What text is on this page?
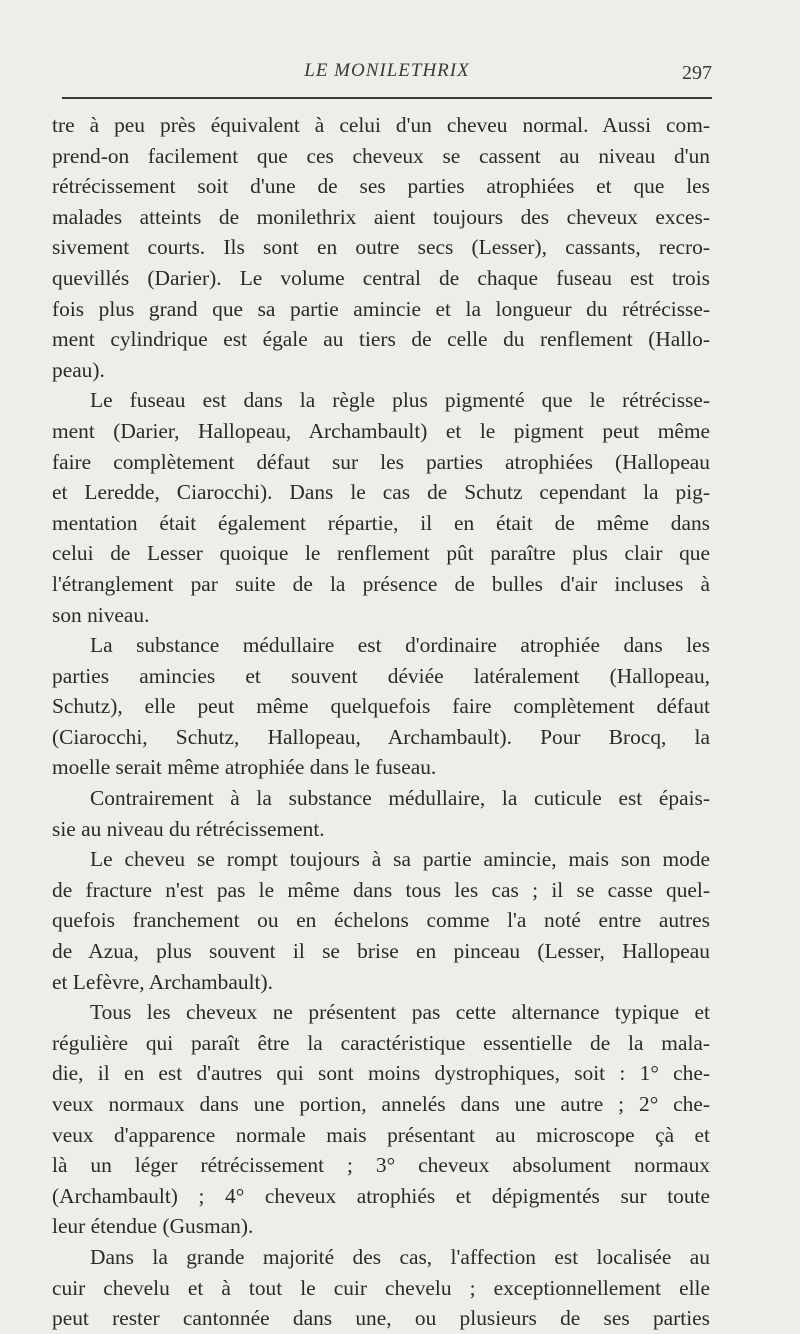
LE MONILETHRIX	297
tre à peu près équivalent à celui d'un cheveu normal. Aussi com-
prend-on facilement que ces cheveux se cassent au niveau d'un
rétrécissement soit d'une de ses parties atrophiées et que les
malades atteints de monilethrix aient toujours des cheveux exces-
sivement courts. Ils sont en outre secs (Lesser), cassants, recro-
quevillés (Darier). Le volume central de chaque fuseau est trois
fois plus grand que sa partie amincie et la longueur du rétrécisse-
ment cylindrique est égale au tiers de celle du renflement (Hallo-
peau).
Le fuseau est dans la règle plus pigmenté que le rétrécisse-
ment (Darier, Hallopeau, Archambault) et le pigment peut même
faire complètement défaut sur les parties atrophiées (Hallopeau
et Leredde, Ciarocchi). Dans le cas de Schutz cependant la pig-
mentation était également répartie, il en était de même dans
celui de Lesser quoique le renflement pût paraître plus clair que
l'étranglement par suite de la présence de bulles d'air incluses à
son niveau.
La substance médullaire est d'ordinaire atrophiée dans les
parties amincies et souvent déviée latéralement (Hallopeau,
Schutz), elle peut même quelquefois faire complètement défaut
(Ciarocchi, Schutz, Hallopeau, Archambault). Pour Brocq, la
moelle serait même atrophiée dans le fuseau.
Contrairement à la substance médullaire, la cuticule est épais-
sie au niveau du rétrécissement.
Le cheveu se rompt toujours à sa partie amincie, mais son mode
de fracture n'est pas le même dans tous les cas ; il se casse quel-
quefois franchement ou en échelons comme l'a noté entre autres
de Azua, plus souvent il se brise en pinceau (Lesser, Hallopeau
et Lefèvre, Archambault).
Tous les cheveux ne présentent pas cette alternance typique et
régulière qui paraît être la caractéristique essentielle de la mala-
die, il en est d'autres qui sont moins dystrophiques, soit : 1° che-
veux normaux dans une portion, annelés dans une autre ; 2° che-
veux d'apparence normale mais présentant au microscope çà et
là un léger rétrécissement ; 3° cheveux absolument normaux
(Archambault) ; 4° cheveux atrophiés et dépigmentés sur toute
leur étendue (Gusman).
Dans la grande majorité des cas, l'affection est localisée au
cuir chevelu et à tout le cuir chevelu ; exceptionnellement elle
peut rester cantonnée dans une, ou plusieurs de ses parties
